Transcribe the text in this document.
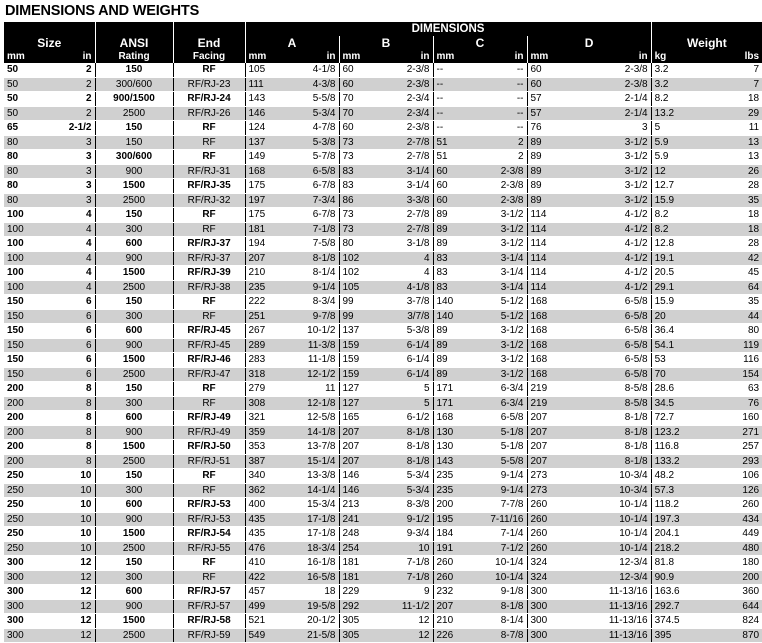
DIMENSIONS AND WEIGHTS
				DIMENSIONS									
Size		ANSI	End	A		B		C		D		Weight	
mm	in	Rating	Facing	mm	in	mm	in	mm	in	mm	in	kg	lbs
50	2	150	RF	105	4-1/8	60	2-3/8	--	--	60	2-3/8	3.2	7
50	2	300/600	RF/RJ-23	111	4-3/8	60	2-3/8	--	--	60	2-3/8	3.2	7
50	2	900/1500	RF/RJ-24	143	5-5/8	70	2-3/4	--	--	57	2-1/4	8.2	18
50	2	2500	RF/RJ-26	146	5-3/4	70	2-3/4	--	--	57	2-1/4	13.2	29
65	2-1/2	150	RF	124	4-7/8	60	2-3/8	--	--	76	3	5	11
80	3	150	RF	137	5-3/8	73	2-7/8	51	2	89	3-1/2	5.9	13
80	3	300/600	RF	149	5-7/8	73	2-7/8	51	2	89	3-1/2	5.9	13
80	3	900	RF/RJ-31	168	6-5/8	83	3-1/4	60	2-3/8	89	3-1/2	12	26
80	3	1500	RF/RJ-35	175	6-7/8	83	3-1/4	60	2-3/8	89	3-1/2	12.7	28
80	3	2500	RF/RJ-32	197	7-3/4	86	3-3/8	60	2-3/8	89	3-1/2	15.9	35
100	4	150	RF	175	6-7/8	73	2-7/8	89	3-1/2	114	4-1/2	8.2	18
100	4	300	RF	181	7-1/8	73	2-7/8	89	3-1/2	114	4-1/2	8.2	18
100	4	600	RF/RJ-37	194	7-5/8	80	3-1/8	89	3-1/2	114	4-1/2	12.8	28
100	4	900	RF/RJ-37	207	8-1/8	102	4	83	3-1/4	114	4-1/2	19.1	42
100	4	1500	RF/RJ-39	210	8-1/4	102	4	83	3-1/4	114	4-1/2	20.5	45
100	4	2500	RF/RJ-38	235	9-1/4	105	4-1/8	83	3-1/4	114	4-1/2	29.1	64
150	6	150	RF	222	8-3/4	99	3-7/8	140	5-1/2	168	6-5/8	15.9	35
150	6	300	RF	251	9-7/8	99	3/7/8	140	5-1/2	168	6-5/8	20	44
150	6	600	RF/RJ-45	267	10-1/2	137	5-3/8	89	3-1/2	168	6-5/8	36.4	80
150	6	900	RF/RJ-45	289	11-3/8	159	6-1/4	89	3-1/2	168	6-5/8	54.1	119
150	6	1500	RF/RJ-46	283	11-1/8	159	6-1/4	89	3-1/2	168	6-5/8	53	116
150	6	2500	RF/RJ-47	318	12-1/2	159	6-1/4	89	3-1/2	168	6-5/8	70	154
200	8	150	RF	279	11	127	5	171	6-3/4	219	8-5/8	28.6	63
200	8	300	RF	308	12-1/8	127	5	171	6-3/4	219	8-5/8	34.5	76
200	8	600	RF/RJ-49	321	12-5/8	165	6-1/2	168	6-5/8	207	8-1/8	72.7	160
200	8	900	RF/RJ-49	359	14-1/8	207	8-1/8	130	5-1/8	207	8-1/8	123.2	271
200	8	1500	RF/RJ-50	353	13-7/8	207	8-1/8	130	5-1/8	207	8-1/8	116.8	257
200	8	2500	RF/RJ-51	387	15-1/4	207	8-1/8	143	5-5/8	207	8-1/8	133.2	293
250	10	150	RF	340	13-3/8	146	5-3/4	235	9-1/4	273	10-3/4	48.2	106
250	10	300	RF	362	14-1/4	146	5-3/4	235	9-1/4	273	10-3/4	57.3	126
250	10	600	RF/RJ-53	400	15-3/4	213	8-3/8	200	7-7/8	260	10-1/4	118.2	260
250	10	900	RF/RJ-53	435	17-1/8	241	9-1/2	195	7-11/16	260	10-1/4	197.3	434
250	10	1500	RF/RJ-54	435	17-1/8	248	9-3/4	184	7-1/4	260	10-1/4	204.1	449
250	10	2500	RF/RJ-55	476	18-3/4	254	10	191	7-1/2	260	10-1/4	218.2	480
300	12	150	RF	410	16-1/8	181	7-1/8	260	10-1/4	324	12-3/4	81.8	180
300	12	300	RF	422	16-5/8	181	7-1/8	260	10-1/4	324	12-3/4	90.9	200
300	12	600	RF/RJ-57	457	18	229	9	232	9-1/8	300	11-13/16	163.6	360
300	12	900	RF/RJ-57	499	19-5/8	292	11-1/2	207	8-1/8	300	11-13/16	292.7	644
300	12	1500	RF/RJ-58	521	20-1/2	305	12	210	8-1/4	300	11-13/16	374.5	824
300	12	2500	RF/RJ-59	549	21-5/8	305	12	226	8-7/8	300	11-13/16	395	870
